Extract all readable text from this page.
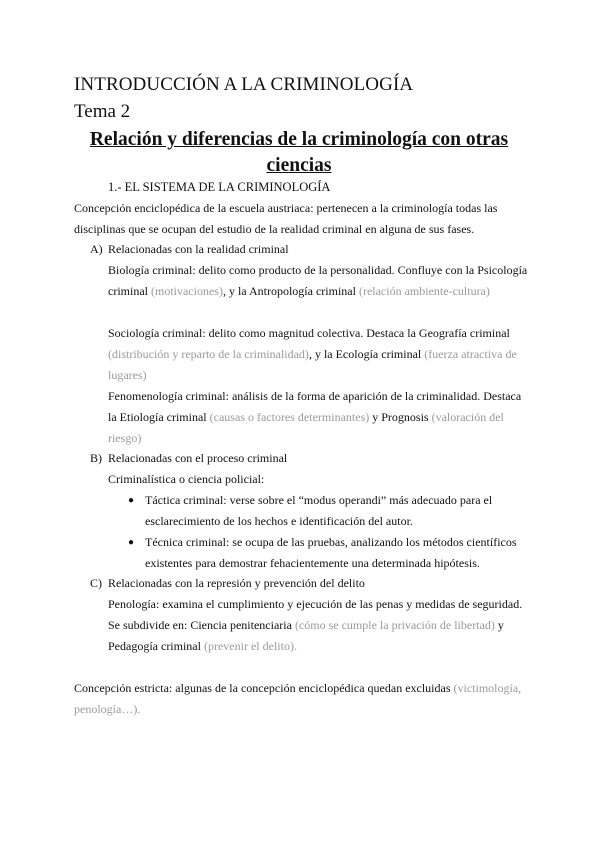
INTRODUCCIÓN A LA CRIMINOLOGÍA
Tema 2
Relación y diferencias de la criminología con otras ciencias

1.- EL SISTEMA DE LA CRIMINOLOGÍA

Concepción enciclopédica de la escuela austriaca: pertenecen a la criminología todas las disciplinas que se ocupan del estudio de la realidad criminal en alguna de sus fases.

A) Relacionadas con la realidad criminal

Biología criminal: delito como producto de la personalidad. Confluye con la Psicología criminal (motivaciones), y la Antropología criminal (relación ambiente-cultura)

Sociología criminal: delito como magnitud colectiva. Destaca la Geografía criminal (distribución y reparto de la criminalidad), y la Ecología criminal (fuerza atractiva de lugares)

Fenomenología criminal: análisis de la forma de aparición de la criminalidad. Destaca la Etiología criminal (causas o factores determinantes) y Prognosis (valoración del riesgo)

B) Relacionadas con el proceso criminal

Criminalística o ciencia policial:

● Táctica criminal: verse sobre el “modus operandi” más adecuado para el esclarecimiento de los hechos e identificación del autor.

● Técnica criminal: se ocupa de las pruebas, analizando los métodos científicos existentes para demostrar fehacientemente una determinada hipótesis.

C) Relacionadas con la represión y prevención del delito

Penología: examina el cumplimiento y ejecución de las penas y medidas de seguridad. Se subdivide en: Ciencia penitenciaria (cómo se cumple la privación de libertad) y Pedagogía criminal (prevenir el delito).

Concepción estricta: algunas de la concepción enciclopédica quedan excluidas (victimología, penología…).
